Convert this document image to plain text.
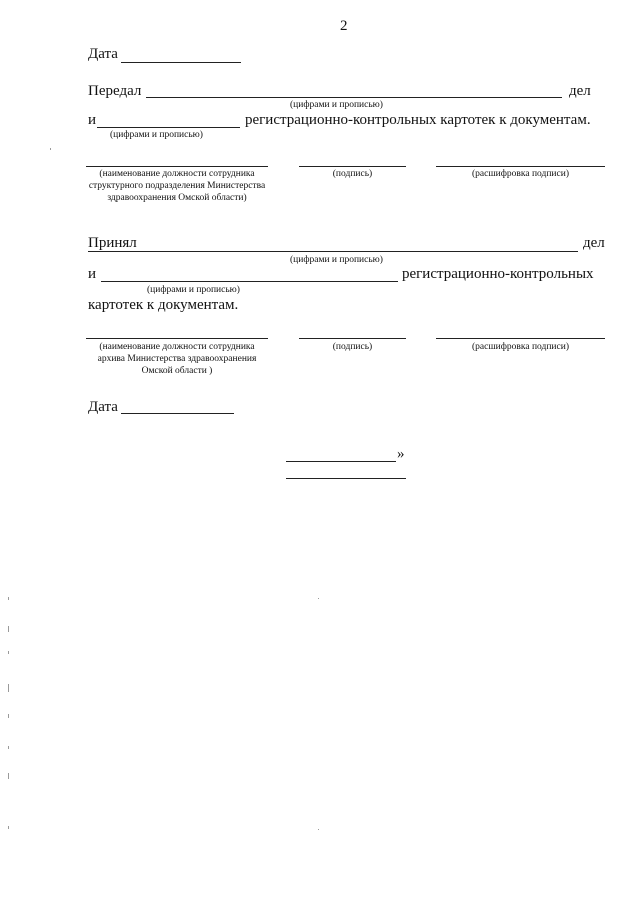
2
Дата
Передал	дел
(цифрами и прописью)
и	регистрационно-контрольных картотек к документам.
(цифрами и прописью)
(наименование должности сотрудника структурного подразделения Министерства здравоохранения Омской области)
(подпись)	(расшифровка подписи)
Принял	дел
(цифрами и прописью)
и	регистрационно-контрольных
(цифрами и прописью)
картотек к документам.
(наименование должности сотрудника архива Министерства здравоохранения Омской области )
(подпись)	(расшифровка подписи)
Дата
»
